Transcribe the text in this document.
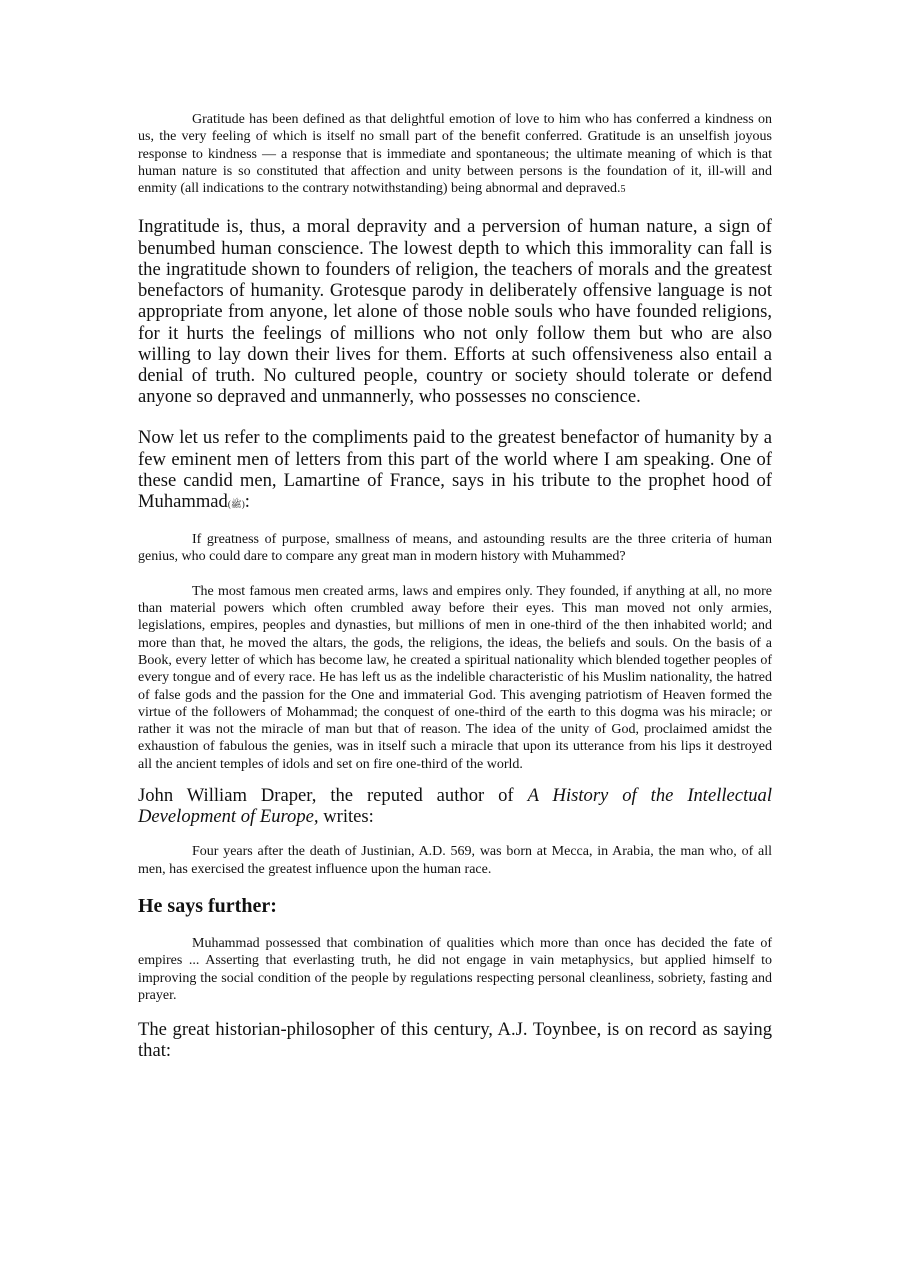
Gratitude has been defined as that delightful emotion of love to him who has conferred a kindness on us, the very feeling of which is itself no small part of the benefit conferred. Gratitude is an unselfish joyous response to kindness — a response that is immediate and spontaneous; the ultimate meaning of which is that human nature is so constituted that affection and unity between persons is the foundation of it, ill-will and enmity (all indications to the contrary notwithstanding) being abnormal and depraved.5

Ingratitude is, thus, a moral depravity and a perversion of human nature, a sign of benumbed human conscience. The lowest depth to which this immorality can fall is the ingratitude shown to founders of religion, the teachers of morals and the greatest benefactors of humanity. Grotesque parody in deliberately offensive language is not appropriate from anyone, let alone of those noble souls who have founded religions, for it hurts the feelings of millions who not only follow them but who are also willing to lay down their lives for them. Efforts at such offensiveness also entail a denial of truth. No cultured people, country or society should tolerate or defend anyone so depraved and unmannerly, who possesses no conscience.

Now let us refer to the compliments paid to the greatest benefactor of humanity by a few eminent men of letters from this part of the world where I am speaking. One of these candid men, Lamartine of France, says in his tribute to the prophet hood of Muhammad(ﷺ):

If greatness of purpose, smallness of means, and astounding results are the three criteria of human genius, who could dare to compare any great man in modern history with Muhammed?

The most famous men created arms, laws and empires only. They founded, if anything at all, no more than material powers which often crumbled away before their eyes. This man moved not only armies, legislations, empires, peoples and dynasties, but millions of men in one-third of the then inhabited world; and more than that, he moved the altars, the gods, the religions, the ideas, the beliefs and souls. On the basis of a Book, every letter of which has become law, he created a spiritual nationality which blended together peoples of every tongue and of every race. He has left us as the indelible characteristic of his Muslim nationality, the hatred of false gods and the passion for the One and immaterial God. This avenging patriotism of Heaven formed the virtue of the followers of Mohammad; the conquest of one-third of the earth to this dogma was his miracle; or rather it was not the miracle of man but that of reason. The idea of the unity of God, proclaimed amidst the exhaustion of fabulous the genies, was in itself such a miracle that upon its utterance from his lips it destroyed all the ancient temples of idols and set on fire one-third of the world.

John William Draper, the reputed author of A History of the Intellectual Development of Europe, writes:

Four years after the death of Justinian, A.D. 569, was born at Mecca, in Arabia, the man who, of all men, has exercised the greatest influence upon the human race.

He says further:

Muhammad possessed that combination of qualities which more than once has decided the fate of empires ... Asserting that everlasting truth, he did not engage in vain metaphysics, but applied himself to improving the social condition of the people by regulations respecting personal cleanliness, sobriety, fasting and prayer.

The great historian-philosopher of this century, A.J. Toynbee, is on record as saying that:
